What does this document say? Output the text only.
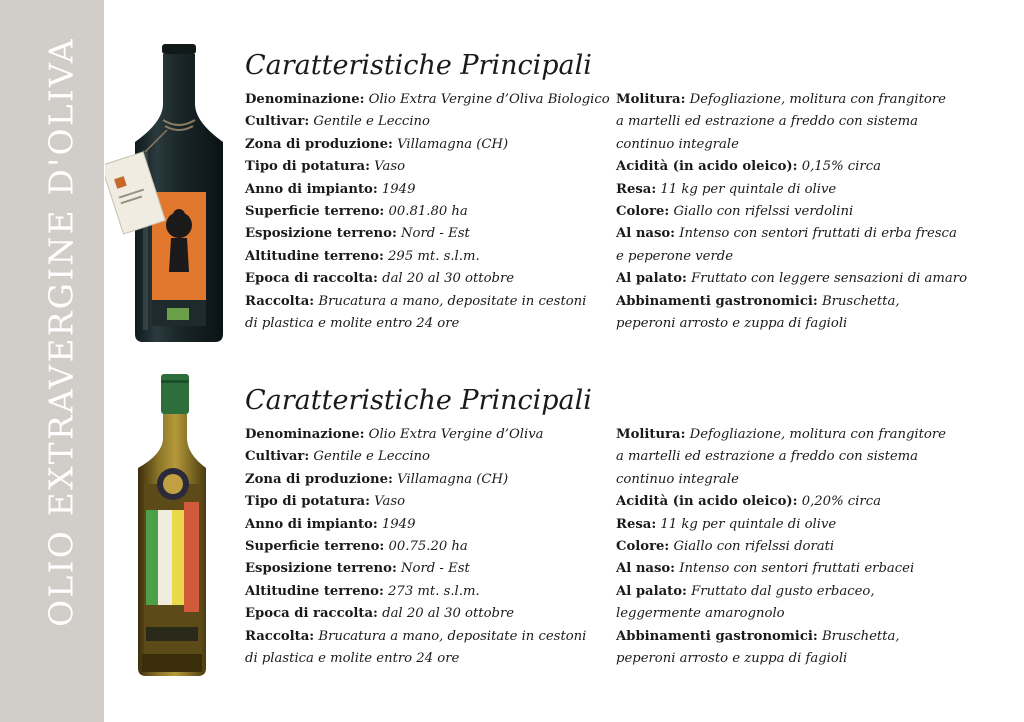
OLIO EXTRAVERGINE D'OLIVA	Caratteristiche Principali
Denominazione: Olio Extra Vergine d’Oliva Biologico
Cultivar: Gentile e Leccino
Zona di produzione: Villamagna (CH)
Tipo di potatura: Vaso
Anno di impianto: 1949
Superficie terreno: 00.81.80 ha
Esposizione terreno: Nord - Est
Altitudine terreno: 295 mt. s.l.m.
Epoca di raccolta: dal 20 al 30 ottobre
Raccolta: Brucatura a mano, depositate in cestoni
di plastica e molite entro 24 ore
Molitura: Defogliazione, molitura con frangitore
a martelli ed estrazione a freddo con sistema
continuo integrale
Acidità (in acido oleico): 0,15% circa
Resa: 11 kg per quintale di olive
Colore: Giallo con rifelssi verdolini
Al naso: Intenso con sentori fruttati di erba fresca
e peperone verde
Al palato: Fruttato con leggere sensazioni di amaro
Abbinamenti gastronomici: Bruschetta,
peperoni arrosto e zuppa di fagioli
Caratteristiche Principali
Denominazione: Olio Extra Vergine d’Oliva
Cultivar: Gentile e Leccino
Zona di produzione: Villamagna (CH)
Tipo di potatura: Vaso
Anno di impianto: 1949
Superficie terreno: 00.75.20 ha
Esposizione terreno: Nord - Est
Altitudine terreno: 273 mt. s.l.m.
Epoca di raccolta: dal 20 al 30 ottobre
Raccolta: Brucatura a mano, depositate in cestoni
di plastica e molite entro 24 ore
Molitura: Defogliazione, molitura con frangitore
a martelli ed estrazione a freddo con sistema
continuo integrale
Acidità (in acido oleico): 0,20% circa
Resa: 11 kg per quintale di olive
Colore: Giallo con rifelssi dorati
Al naso: Intenso con sentori fruttati erbacei
Al palato: Fruttato dal gusto erbaceo,
leggermente amarognolo
Abbinamenti gastronomici: Bruschetta,
peperoni arrosto e zuppa di fagioli
